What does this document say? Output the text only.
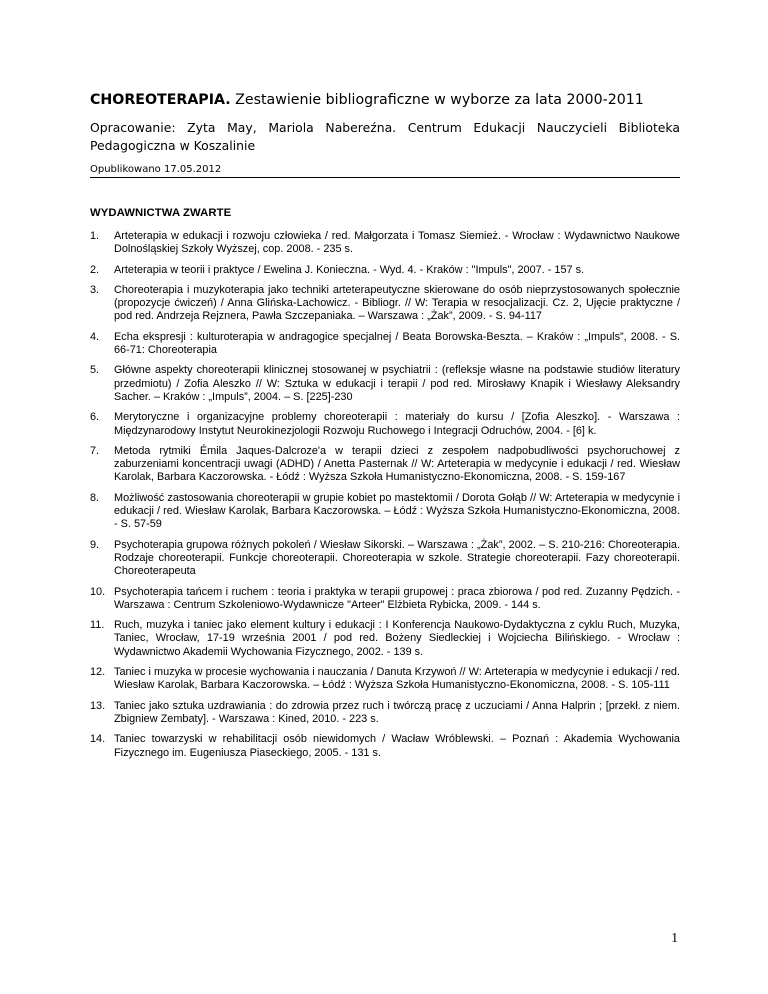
CHOREOTERAPIA. Zestawienie bibliograficzne w wyborze za lata 2000-2011
Opracowanie: Zyta May, Mariola Nabereźna. Centrum Edukacji Nauczycieli Biblioteka Pedagogiczna w Koszalinie
Opublikowano 17.05.2012
WYDAWNICTWA ZWARTE
1.	Arteterapia w edukacji i rozwoju człowieka / red. Małgorzata i Tomasz Siemież. - Wrocław : Wydawnictwo Naukowe Dolnośląskiej Szkoły Wyższej, cop. 2008. - 235 s.
2.	Arteterapia w teorii i praktyce / Ewelina J. Konieczna. - Wyd. 4. - Kraków : "Impuls", 2007. - 157 s.
3.	Choreoterapia i muzykoterapia jako techniki arteterapeutyczne skierowane do osób nieprzystosowanych społecznie (propozycje ćwiczeń) / Anna Glińska-Lachowicz. - Bibliogr. // W: Terapia w resocjalizacji. Cz. 2, Ujęcie praktyczne / pod red. Andrzeja Rejznera, Pawła Szczepaniaka. – Warszawa : „Żak”, 2009. - S. 94-117
4.	Echa ekspresji : kulturoterapia w andragogice specjalnej / Beata Borowska-Beszta. – Kraków : „Impuls”, 2008. - S. 66-71: Choreoterapia
5.	Główne aspekty choreoterapii klinicznej stosowanej w psychiatrii : (refleksje własne na podstawie studiów literatury przedmiotu) / Zofia Aleszko // W: Sztuka w edukacji i terapii / pod red. Mirosławy Knapik i Wiesławy Aleksandry Sacher. – Kraków : „Impuls”, 2004. – S. [225]-230
6.	Merytoryczne i organizacyjne problemy choreoterapii : materiały do kursu / [Zofia Aleszko]. - Warszawa : Międzynarodowy Instytut Neurokinezjologii Rozwoju Ruchowego i Integracji Odruchów, 2004. - [6] k.
7.	Metoda rytmiki Émila Jaques-Dalcroze'a w terapii dzieci z zespołem nadpobudliwości psychoruchowej z zaburzeniami koncentracji uwagi (ADHD) / Anetta Pasternak // W: Arteterapia w medycynie i edukacji / red. Wiesław Karolak, Barbara Kaczorowska. - Łódź : Wyższa Szkoła Humanistyczno-Ekonomiczna, 2008. - S. 159-167
8.	Możliwość zastosowania choreoterapii w grupie kobiet po mastektomii / Dorota Gołąb // W: Arteterapia w medycynie i edukacji / red. Wiesław Karolak, Barbara Kaczorowska. – Łódź : Wyższa Szkoła Humanistyczno-Ekonomiczna, 2008. - S. 57-59
9.	Psychoterapia grupowa różnych pokoleń / Wiesław Sikorski. – Warszawa : „Żak”, 2002. – S. 210-216: Choreoterapia. Rodzaje choreoterapii. Funkcje choreoterapii. Choreoterapia w szkole. Strategie choreoterapii. Fazy choreoterapii. Choreoterapeuta
10. Psychoterapia tańcem i ruchem : teoria i praktyka w terapii grupowej : praca zbiorowa / pod red. Zuzanny Pędzich. - Warszawa : Centrum Szkoleniowo-Wydawnicze "Arteer" Elżbieta Rybicka, 2009. - 144 s.
11. Ruch, muzyka i taniec jako element kultury i edukacji : I Konferencja Naukowo-Dydaktyczna z cyklu Ruch, Muzyka, Taniec, Wrocław, 17-19 września 2001 / pod red. Bożeny Siedleckiej i Wojciecha Bilińskiego. - Wrocław : Wydawnictwo Akademii Wychowania Fizycznego, 2002. - 139 s.
12. Taniec i muzyka w procesie wychowania i nauczania / Danuta Krzywoń // W: Arteterapia w medycynie i edukacji / red. Wiesław Karolak, Barbara Kaczorowska. – Łódź : Wyższa Szkoła Humanistyczno-Ekonomiczna, 2008. - S. 105-111
13. Taniec jako sztuka uzdrawiania : do zdrowia przez ruch i twórczą pracę z uczuciami / Anna Halprin ; [przekł. z niem. Zbigniew Zembaty]. - Warszawa : Kined, 2010. - 223 s.
14. Taniec towarzyski w rehabilitacji osób niewidomych / Wacław Wróblewski. – Poznań : Akademia Wychowania Fizycznego im. Eugeniusza Piaseckiego, 2005. - 131 s.
1
